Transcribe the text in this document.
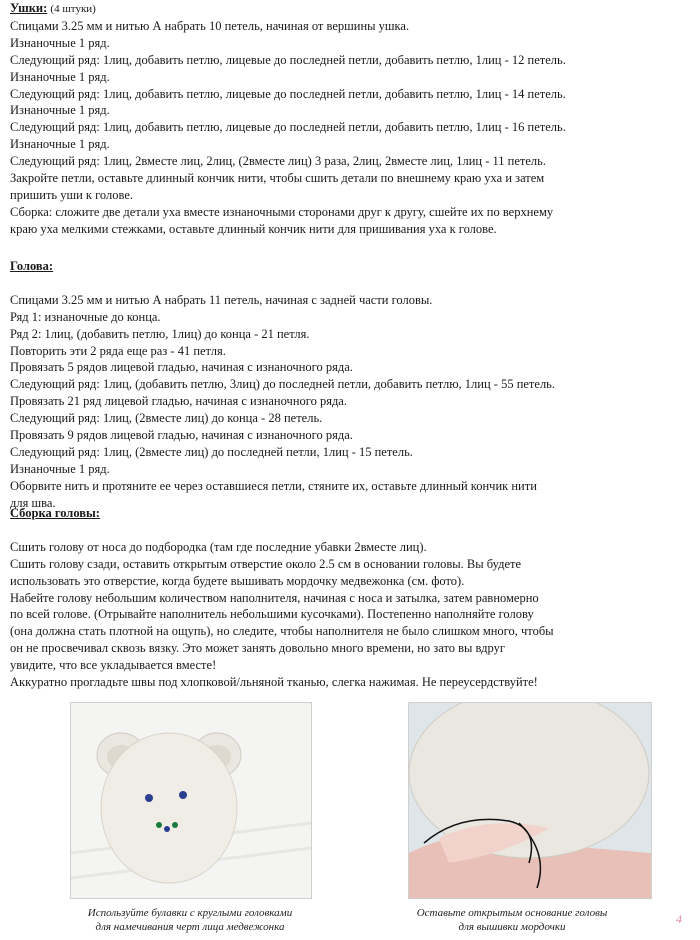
Ушки: (4 штуки)
Спицами 3.25 мм и нитью А набрать 10 петель, начиная от вершины ушка.
Изнаночные 1 ряд.
Следующий ряд: 1лиц, добавить петлю, лицевые до последней петли, добавить петлю, 1лиц - 12 петель.
Изнаночные 1 ряд.
Следующий ряд: 1лиц, добавить петлю, лицевые до последней петли, добавить петлю, 1лиц - 14 петель.
Изнаночные 1 ряд.
Следующий ряд: 1лиц, добавить петлю, лицевые до последней петли, добавить петлю, 1лиц - 16 петель.
Изнаночные 1 ряд.
Следующий ряд: 1лиц, 2вместе лиц, 2лиц, (2вместе лиц) 3 раза, 2лиц, 2вместе лиц, 1лиц - 11 петель.
Закройте петли, оставьте длинный кончик нити, чтобы сшить детали по внешнему краю уха и затем
пришить уши к голове.
Сборка: сложите две детали уха вместе изнаночными сторонами друг к другу, сшейте их по верхнему
краю уха мелкими стежками, оставьте длинный кончик нити для пришивания уха к голове.
Голова:
Спицами 3.25 мм и нитью А набрать 11 петель, начиная с задней части головы.
Ряд 1: изнаночные до конца.
Ряд 2: 1лиц, (добавить петлю, 1лиц) до конца - 21 петля.
Повторить эти 2 ряда еще раз - 41 петля.
Провязать 5 рядов лицевой гладью, начиная с изнаночного ряда.
Следующий ряд: 1лиц, (добавить петлю, 3лиц) до последней петли, добавить петлю, 1лиц - 55 петель.
Провязать 21 ряд лицевой гладью, начиная с изнаночного ряда.
Следующий ряд: 1лиц, (2вместе лиц) до конца - 28 петель.
Провязать 9 рядов лицевой гладью, начиная с изнаночного ряда.
Следующий ряд: 1лиц, (2вместе лиц) до последней петли, 1лиц - 15 петель.
Изнаночные 1 ряд.
Оборвите нить и протяните ее через оставшиеся петли, стяните их, оставьте длинный кончик нити
для шва.
Сборка головы:
Сшить голову от носа до подбородка (там где последние убавки 2вместе лиц).
Сшить голову сзади, оставить открытым отверстие около 2.5 см в основании головы. Вы будете
использовать это отверстие, когда будете вышивать мордочку медвежонка (см. фото).
Набейте голову небольшим количеством наполнителя, начиная с носа и затылка, затем равномерно
по всей голове. (Отрывайте наполнитель небольшими кусочками). Постепенно наполняйте голову
(она должна стать плотной на ощупь), но следите, чтобы наполнителя не было слишком много, чтобы
он не просвечивал сквозь вязку. Это может занять довольно много времени, но зато вы вдруг
увидите, что все укладывается вместе!
Аккуратно прогладьте швы под хлопковой/льняной тканью, слегка нажимая. Не переусердствуйте!
Используйте булавки с круглыми головками
для намечивания черт лица медвежонка
Оставьте открытым основание головы
для вышивки мордочки
4
